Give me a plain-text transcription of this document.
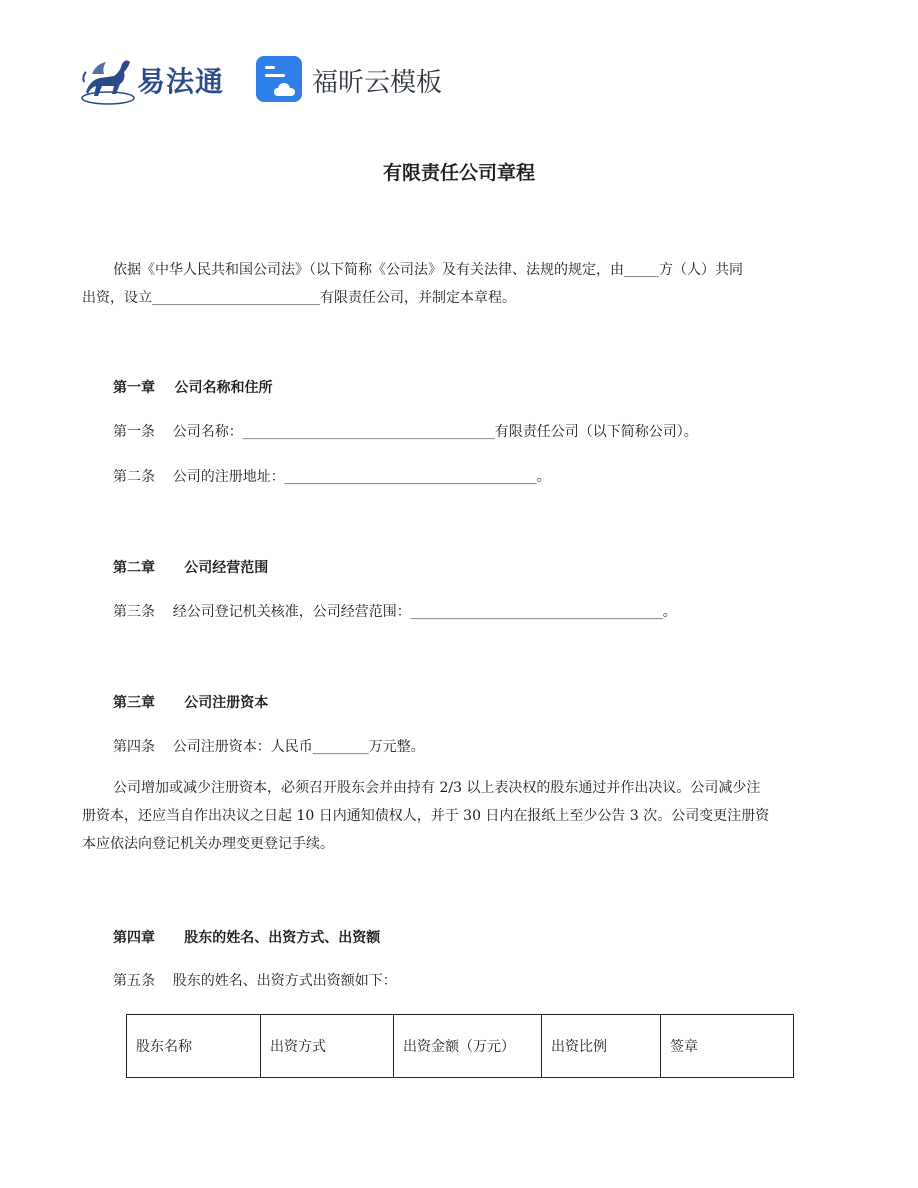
易法通	福昕云模板
有限责任公司章程
依据《中华人民共和国公司法》（以下简称《公司法》及有关法律、法规的规定，由_____方（人）共同
出资，设立________________________有限责任公司，并制定本章程。
第一章    公司名称和住所
第一条    公司名称：____________________________________有限责任公司（以下简称公司）。
第二条    公司的注册地址：____________________________________。
第二章      公司经营范围
第三条    经公司登记机关核准，公司经营范围：____________________________________。
第三章      公司注册资本
第四条    公司注册资本：人民币________万元整。
公司增加或减少注册资本，必须召开股东会并由持有 2/3 以上表决权的股东通过并作出决议。公司减少注
册资本，还应当自作出决议之日起 10 日内通知债权人，并于 30 日内在报纸上至少公告 3 次。公司变更注册资
本应依法向登记机关办理变更登记手续。
第四章      股东的姓名、出资方式、出资额
第五条    股东的姓名、出资方式出资额如下：
股东名称	出资方式	出资金额（万元）	出资比例	签章
